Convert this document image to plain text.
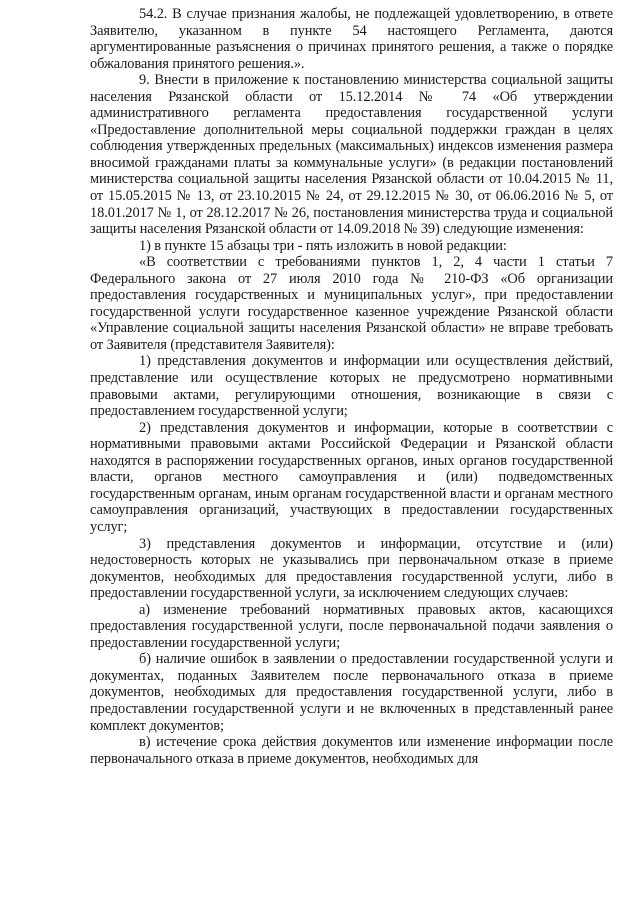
54.2. В случае признания жалобы, не подлежащей удовлетворению, в ответе Заявителю, указанном в пункте 54 настоящего Регламента, даются аргументированные разъяснения о причинах принятого решения, а также о порядке обжалования принятого решения.».

9. Внести в приложение к постановлению министерства социальной защиты населения Рязанской области от 15.12.2014 № 74 «Об утверждении административного регламента предоставления государственной услуги «Предоставление дополнительной меры социальной поддержки граждан в целях соблюдения утвержденных предельных (максимальных) индексов изменения размера вносимой гражданами платы за коммунальные услуги» (в редакции постановлений министерства социальной защиты населения Рязанской области от 10.04.2015 № 11, от 15.05.2015 № 13, от 23.10.2015 № 24, от 29.12.2015 № 30, от 06.06.2016 № 5, от 18.01.2017 № 1, от 28.12.2017 № 26, постановления министерства труда и социальной защиты населения Рязанской области от 14.09.2018 № 39) следующие изменения:

1) в пункте 15 абзацы три - пять изложить в новой редакции:

«В соответствии с требованиями пунктов 1, 2, 4 части 1 статьи 7 Федерального закона от 27 июля 2010 года № 210-ФЗ «Об организации предоставления государственных и муниципальных услуг», при предоставлении государственной услуги государственное казенное учреждение Рязанской области «Управление социальной защиты населения Рязанской области» не вправе требовать от Заявителя (представителя Заявителя):

1) представления документов и информации или осуществления действий, представление или осуществление которых не предусмотрено нормативными правовыми актами, регулирующими отношения, возникающие в связи с предоставлением государственной услуги;

2) представления документов и информации, которые в соответствии с нормативными правовыми актами Российской Федерации и Рязанской области находятся в распоряжении государственных органов, иных органов государственной власти, органов местного самоуправления и (или) подведомственных государственным органам, иным органам государственной власти и органам местного самоуправления организаций, участвующих в предоставлении государственных услуг;

3) представления документов и информации, отсутствие и (или) недостоверность которых не указывались при первоначальном отказе в приеме документов, необходимых для предоставления государственной услуги, либо в предоставлении государственной услуги, за исключением следующих случаев:

а) изменение требований нормативных правовых актов, касающихся предоставления государственной услуги, после первоначальной подачи заявления о предоставлении государственной услуги;

б) наличие ошибок в заявлении о предоставлении государственной услуги и документах, поданных Заявителем после первоначального отказа в приеме документов, необходимых для предоставления государственной услуги, либо в предоставлении государственной услуги и не включенных в представленный ранее комплект документов;

в) истечение срока действия документов или изменение информации после первоначального отказа в приеме документов, необходимых для
